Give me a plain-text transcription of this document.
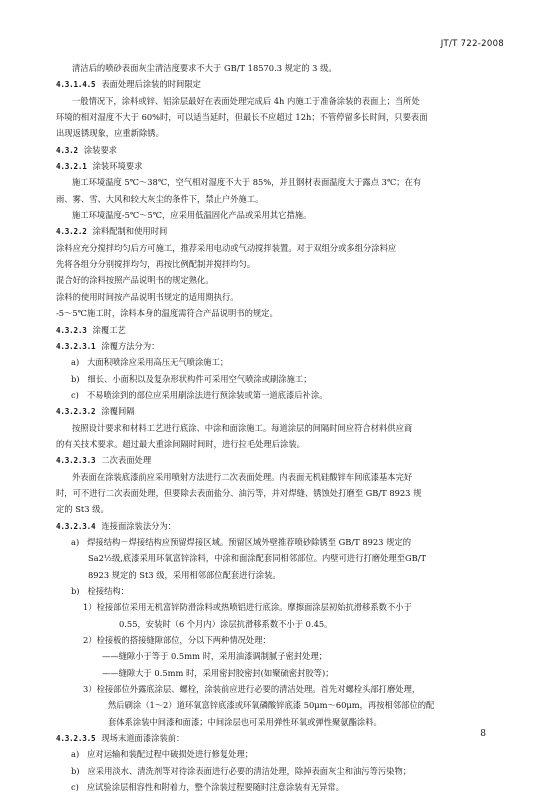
JT/T 722-2008
清洁后的喷砂表面灰尘清洁度要求不大于 GB/T 18570.3 规定的 3 级。
4.3.1.4.5 表面处理后涂装的时间限定
一般情况下，涂料或锌、铝涂层最好在表面处理完成后 4h 内施工于准备涂装的表面上；当所处
环境的相对湿度不大于 60%时，可以适当延时，但最长不应超过 12h；不管停留多长时间，只要表面
出现返锈现象，应重新除锈。
4.3.2 涂装要求
4.3.2.1 涂装环境要求
施工环境温度 5℃～38℃，空气相对湿度不大于 85%，并且钢材表面温度大于露点 3℃；在有
雨、雾、雪、大风和较大灰尘的条件下，禁止户外施工。
施工环境温度-5℃～5℃，应采用低温固化产品或采用其它措施。
4.3.2.2 涂料配制和使用时间
涂料应充分搅拌均匀后方可施工，推荐采用电动或气动搅拌装置。对于双组分或多组分涂料应
先将各组分分别搅拌均匀，再按比例配制并搅拌均匀。
混合好的涂料按照产品说明书的规定熟化。
涂料的使用时间按产品说明书规定的适用期执行。
-5～5℃施工时，涂料本身的温度需符合产品说明书的规定。
4.3.2.3 涂覆工艺
4.3.2.3.1 涂覆方法分为：
a) 大面积喷涂应采用高压无气喷涂施工；
b) 细长、小面积以及复杂形状构件可采用空气喷涂或刷涂施工；
c) 不易喷涂到的部位应采用刷涂法进行预涂装或第一道底漆后补涂。
4.3.2.3.2 涂覆间隔
按照设计要求和材料工艺进行底涂、中涂和面涂施工。每道涂层的间隔时间应符合材料供应商
的有关技术要求。超过最大重涂间隔时间时，进行拉毛处理后涂装。
4.3.2.3.3 二次表面处理
外表面在涂装底漆前应采用喷射方法进行二次表面处理。内表面无机硅酸锌车间底漆基本完好
时，可不进行二次表面处理，但要除去表面盐分、油污等，并对焊缝、锈蚀处打磨至 GB/T 8923 规
定的 St3 级。
4.3.2.3.4 连接面涂装法分为：
a) 焊接结构－焊接结构应预留焊接区域。预留区域外壁推荐喷砂除锈至 GB/T 8923 规定的
Sa2½级,底漆采用环氧富锌涂料，中涂和面涂配套同相邻部位。内壁可进行打磨处理至GB/T
8923 规定的 St3 级，采用相邻部位配套进行涂装。
b) 栓接结构：
1）栓接部位采用无机富锌防滑涂料或热喷铝进行底涂。摩擦面涂层初始抗滑移系数不小于
0.55，安装时（6 个月内）涂层抗滑移系数不小于 0.45。
2）栓接板的搭接缝隙部位，分以下两种情况处理：
——缝隙小于等于 0.5mm 时，采用油漆调制腻子密封处理；
——缝隙大于 0.5mm 时，采用密封胶密封(如聚硫密封胶等)；
3）栓接部位外露底涂层、螺栓，涂装前应进行必要的清洁处理。首先对螺栓头部打磨处理，
然后刷涂（1～2）道环氧富锌底漆或环氧磷酸锌底漆 50μm～60μm，再按相邻部位的配
套体系涂装中间漆和面漆；中间涂层也可采用弹性环氧或弹性聚氨酯涂料。
4.3.2.3.5 现场末道面漆涂装前：
a) 应对运输和装配过程中破损处进行修复处理；
b) 应采用淡水、清洗剂等对待涂表面进行必要的清洁处理，除掉表面灰尘和油污等污染物；
c) 应试验涂层相容性和附着力，整个涂装过程要随时注意涂装有无异常。
8
